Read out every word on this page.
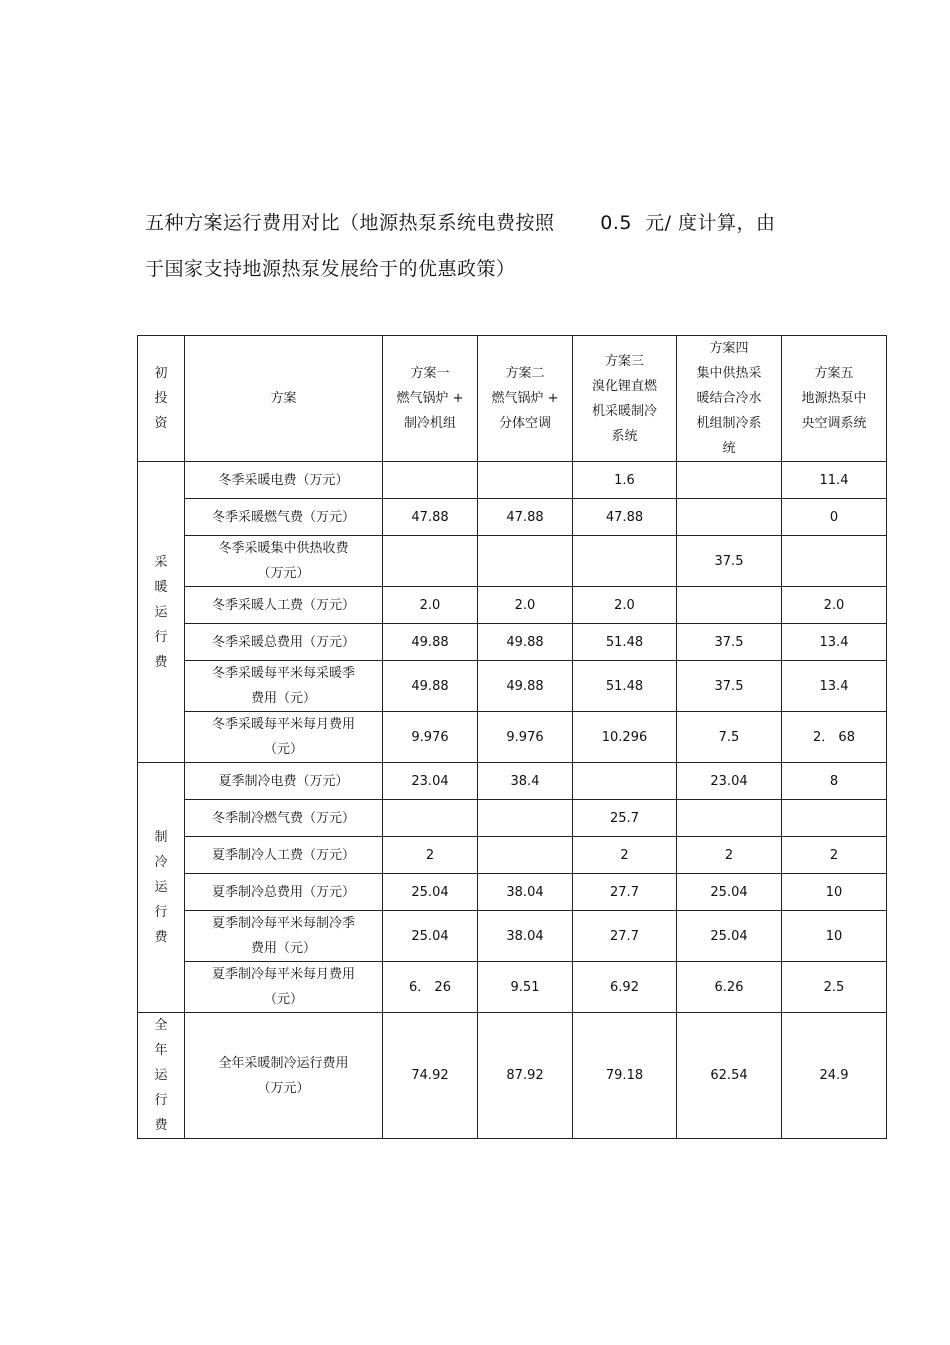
五种方案运行费用对比（地源热泵系统电费按照       0.5  元/ 度计算，由
于国家支持地源热泵发展给于的优惠政策）
初投资	方案	方案一
燃气锅炉 +
制冷机组	方案二
燃气锅炉 +
分体空调	方案三
溴化锂直燃
机采暖制冷
系统	方案四
集中供热采
暖结合冷水
机组制冷系
统	方案五
地源热泵中
央空调系统

采暖运行费	冬季采暖电费（万元）			1.6		11.4
	冬季采暖燃气费（万元）	47.88	47.88	47.88		0
	冬季采暖集中供热收费
（万元）				37.5	
	冬季采暖人工费（万元）	2.0	2.0	2.0		2.0
	冬季采暖总费用（万元）	49.88	49.88	51.48	37.5	13.4
	冬季采暖每平米每采暖季
费用（元）	49.88	49.88	51.48	37.5	13.4
	冬季采暖每平米每月费用
（元）	9.976	9.976	10.296	7.5	2． 68

制冷运行费	夏季制冷电费（万元）	23.04	38.4		23.04	8
	冬季制冷燃气费（万元）			25.7		
	夏季制冷人工费（万元）	2		2	2	2
	夏季制冷总费用（万元）	25.04	38.04	27.7	25.04	10
	夏季制冷每平米每制冷季
费用（元）	25.04	38.04	27.7	25.04	10
	夏季制冷每平米每月费用
（元）	6． 26	9.51	6.92	6.26	2.5

全年运行费	全年采暖制冷运行费用
（万元）	74.92	87.92	79.18	62.54	24.9
